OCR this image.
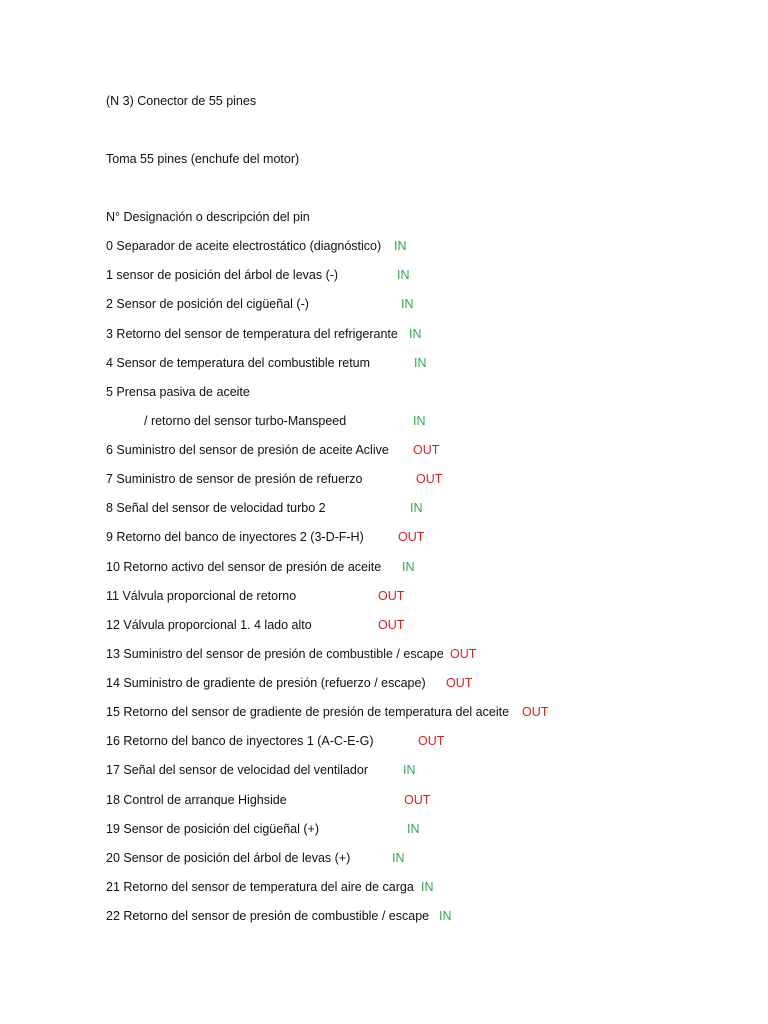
(N 3) Conector de 55 pines
Toma 55 pines (enchufe del motor)
N° Designación o descripción del pin
0 Separador de aceite electrostático (diagnóstico) IN
1 sensor de posición del árbol de levas (-)	IN
2 Sensor de posición del cigüeñal (-)	IN
3 Retorno del sensor de temperatura del refrigerante IN
4 Sensor de temperatura del combustible retum	IN
5 Prensa pasiva de aceite
/ retorno del sensor turbo-Manspeed	IN
6 Suministro del sensor de presión de aceite Aclive OUT
7 Suministro de sensor de presión de refuerzo	OUT
8 Señal del sensor de velocidad turbo 2	IN
9 Retorno del banco de inyectores 2 (3-D-F-H)	OUT
10 Retorno activo del sensor de presión de aceite IN
11 Válvula proporcional de retorno	OUT
12 Válvula proporcional 1. 4 lado alto	OUT
13 Suministro del sensor de presión de combustible / escape OUT
14 Suministro de gradiente de presión (refuerzo / escape) OUT
15 Retorno del sensor de gradiente de presión de temperatura del aceite OUT
16 Retorno del banco de inyectores 1 (A-C-E-G)	OUT
17 Señal del sensor de velocidad del ventilador	IN
18 Control de arranque Highside	OUT
19 Sensor de posición del cigüeñal (+)	IN
20 Sensor de posición del árbol de levas (+)	IN
21 Retorno del sensor de temperatura del aire de carga IN
22 Retorno del sensor de presión de combustible / escape IN
